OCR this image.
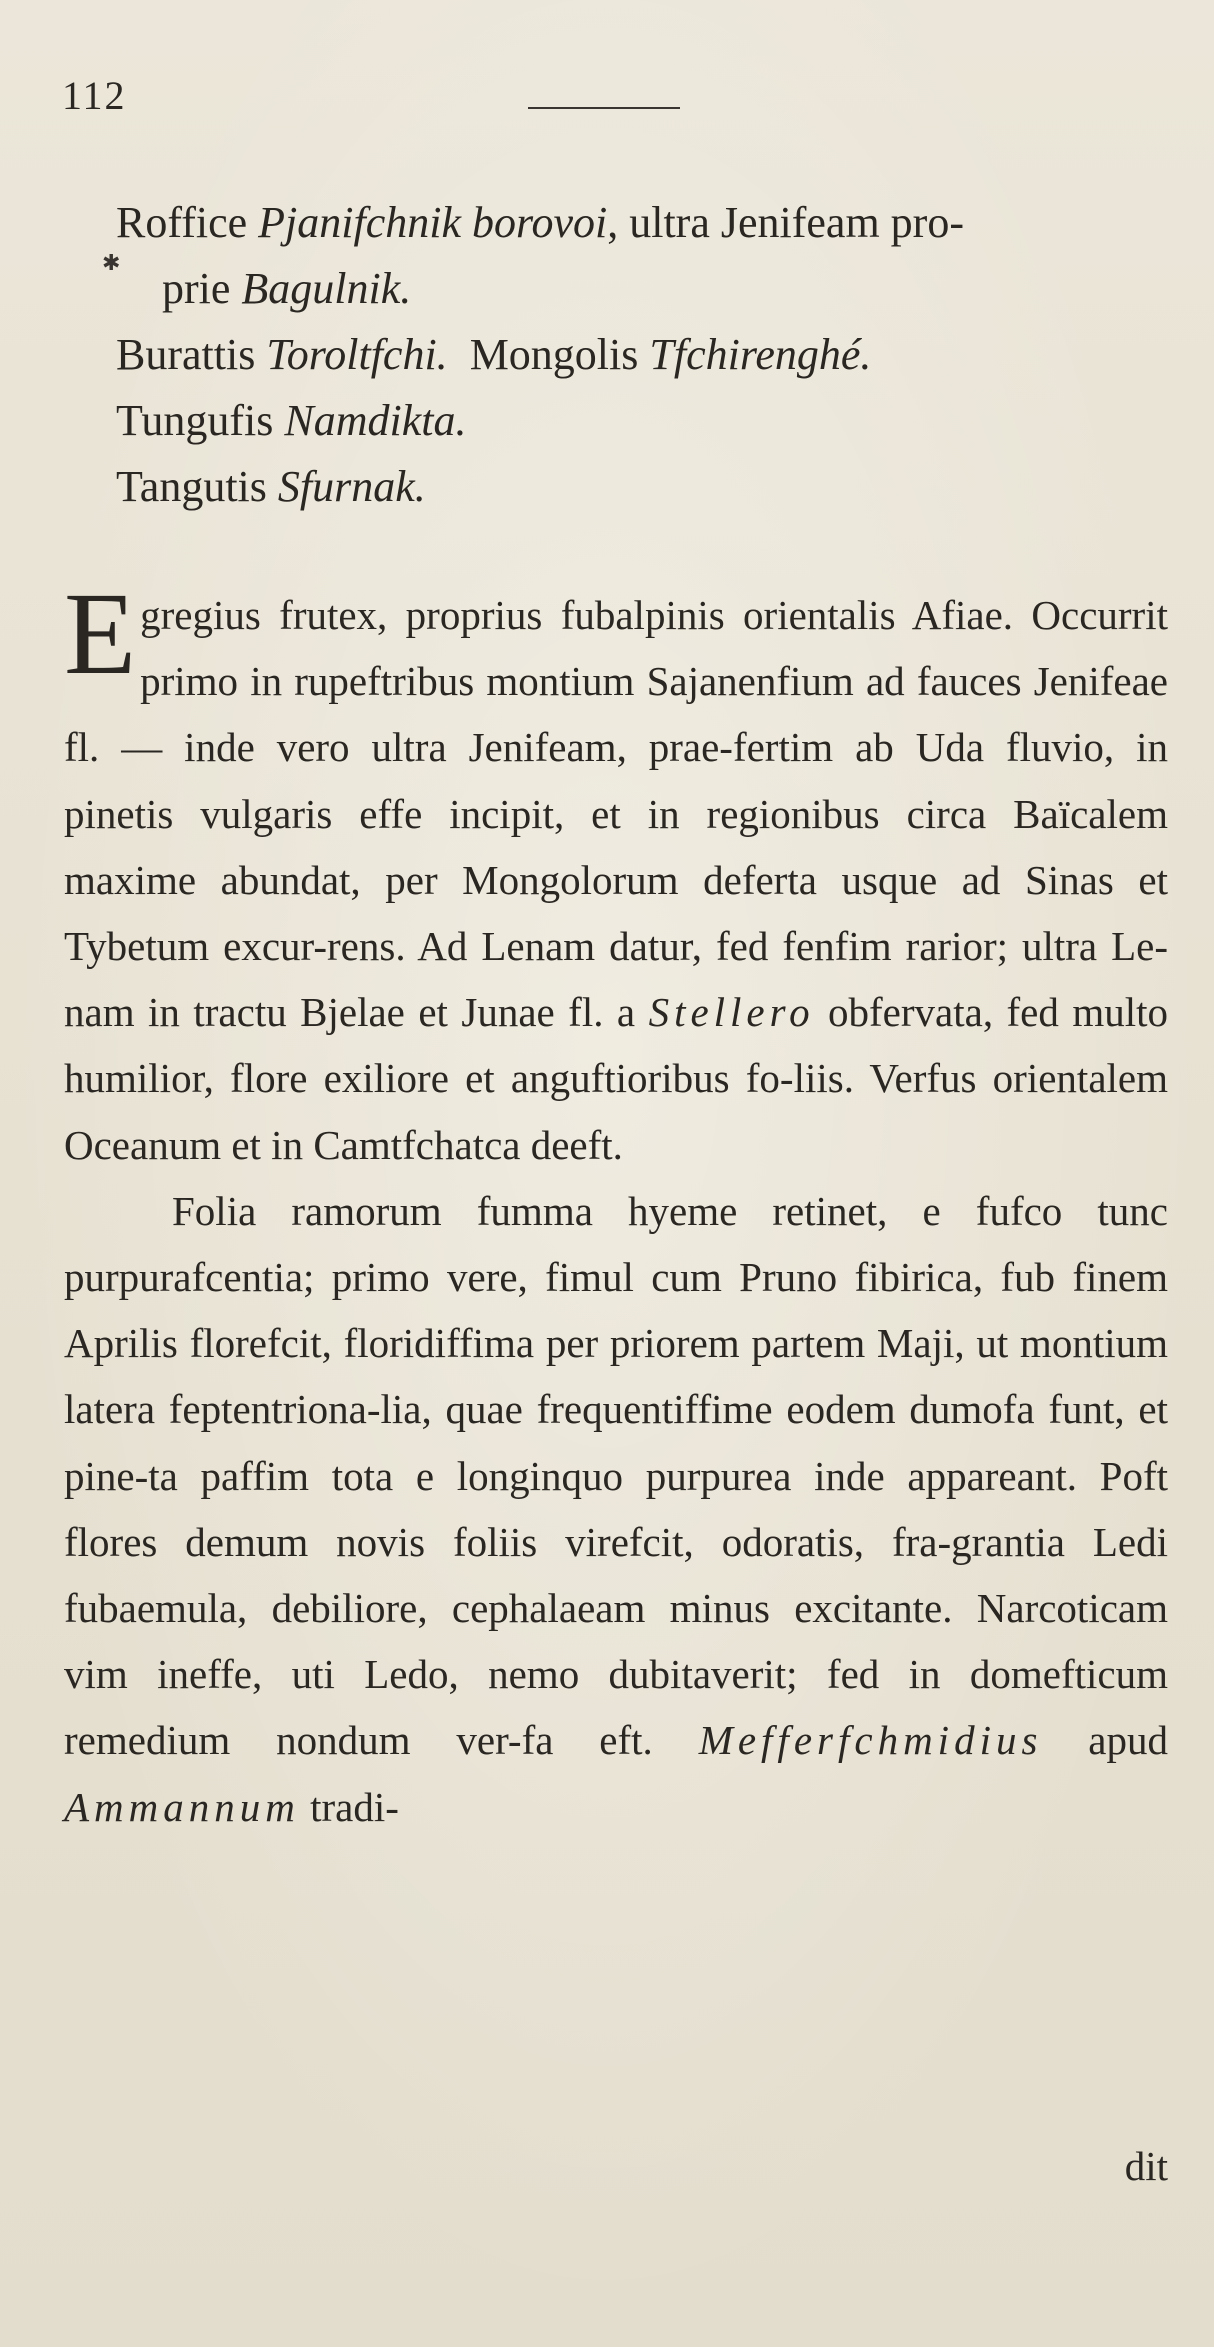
112
✱
Roffice Pjanifchnik borovoi, ultra Jenifeam pro-
prie Bagulnik.
Burattis Toroltfchi.  Mongolis Tfchirenghé.
Tungufis Namdikta.
Tangutis Sfurnak.

Egregius frutex, proprius fubalpinis orientalis Afiae. Occurrit primo in rupeftribus montium Sajanenfium ad fauces Jenifeae fl. — inde vero ultra Jenifeam, prae-fertim ab Uda fluvio, in pinetis vulgaris effe incipit, et in regionibus circa Baïcalem maxime abundat, per Mongolorum deferta usque ad Sinas et Tybetum excur-rens. Ad Lenam datur, fed fenfim rarior; ultra Le-nam in tractu Bjelae et Junae fl. a Stellero obfervata, fed multo humilior, flore exiliore et anguftioribus fo-liis. Verfus orientalem Oceanum et in Camtfchatca deeft.

Folia ramorum fumma hyeme retinet, e fufco tunc purpurafcentia; primo vere, fimul cum Pruno fibirica, fub finem Aprilis florefcit, floridiffima per priorem partem Maji, ut montium latera feptentriona-lia, quae frequentiffime eodem dumofa funt, et pine-ta paffim tota e longinquo purpurea inde appareant. Poft flores demum novis foliis virefcit, odoratis, fra-grantia Ledi fubaemula, debiliore, cephalaeam minus excitante. Narcoticam vim ineffe, uti Ledo, nemo dubitaverit; fed in domefticum remedium nondum ver-fa eft. Mefferfchmidius apud Ammannum tradi-

dit
